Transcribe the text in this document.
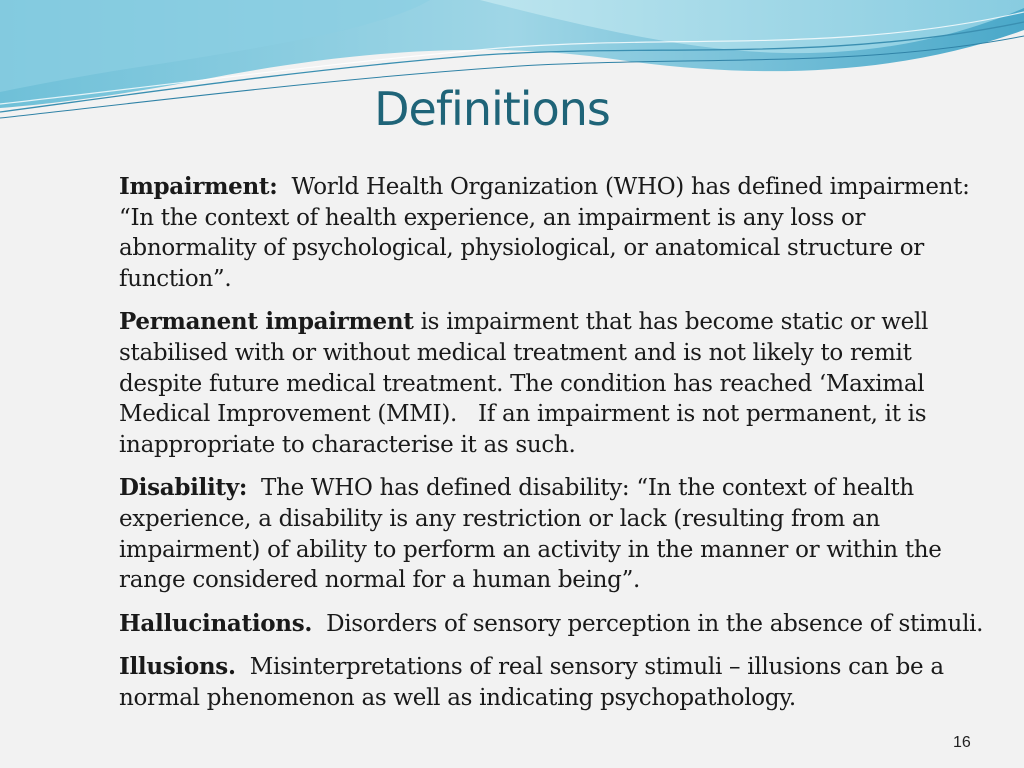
Definitions

Impairment:  World Health Organization (WHO) has defined impairment: “In the context of health experience, an impairment is any loss or abnormality of psychological, physiological, or anatomical structure or function”.

Permanent impairment is impairment that has become static or well stabilised with or without medical treatment and is not likely to remit despite future medical treatment. The condition has reached ‘Maximal Medical Improvement (MMI).   If an impairment is not permanent, it is inappropriate to characterise it as such.

Disability:  The WHO has defined disability: “In the context of health experience, a disability is any restriction or lack (resulting from an impairment) of ability to perform an activity in the manner or within the range considered normal for a human being”.

Hallucinations.  Disorders of sensory perception in the absence of stimuli.

Illusions.  Misinterpretations of real sensory stimuli – illusions can be a normal phenomenon as well as indicating psychopathology.

16
